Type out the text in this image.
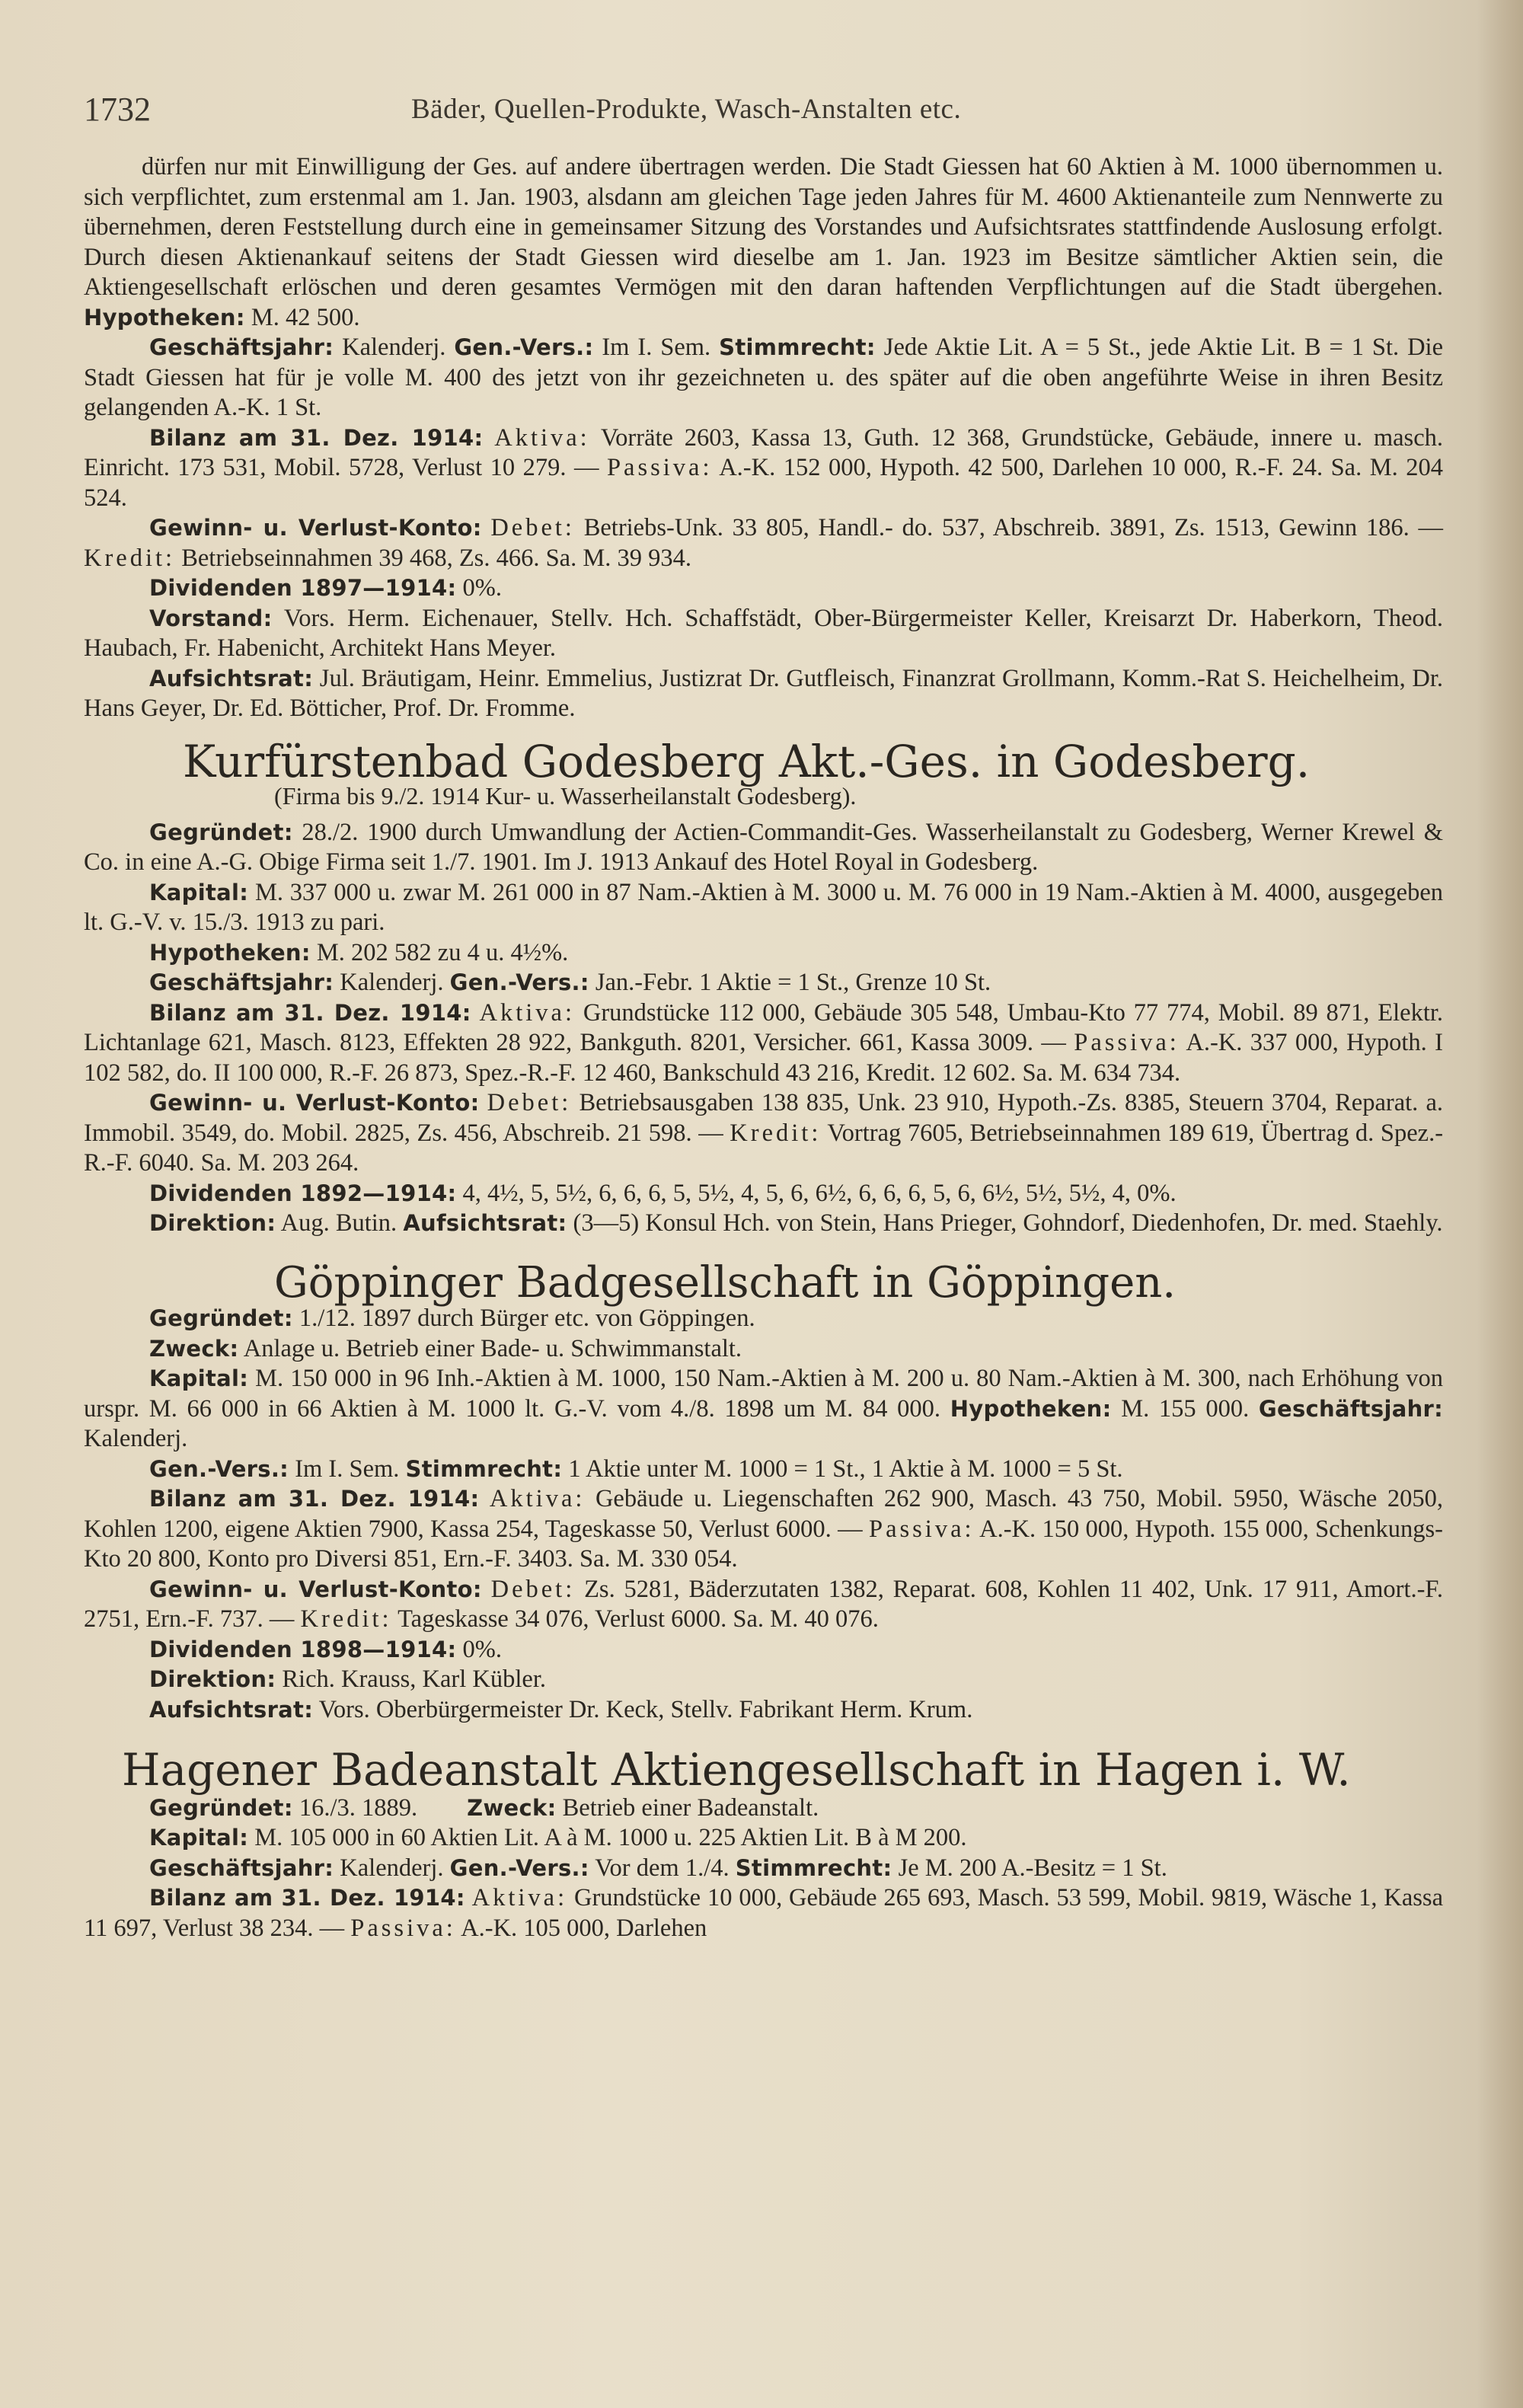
1732	Bäder, Quellen-Produkte, Wasch-Anstalten etc.

dürfen nur mit Einwilligung der Ges. auf andere übertragen werden. Die Stadt Giessen hat 60 Aktien à M. 1000 übernommen u. sich verpflichtet, zum erstenmal am 1. Jan. 1903, alsdann am gleichen Tage jeden Jahres für M. 4600 Aktienanteile zum Nennwerte zu übernehmen, deren Feststellung durch eine in gemeinsamer Sitzung des Vorstandes und Aufsichtsrates stattfindende Auslosung erfolgt. Durch diesen Aktienankauf seitens der Stadt Giessen wird dieselbe am 1. Jan. 1923 im Besitze sämtlicher Aktien sein, die Aktiengesellschaft erlöschen und deren gesamtes Vermögen mit den daran haftenden Verpflichtungen auf die Stadt übergehen. Hypotheken: M. 42 500.

Geschäftsjahr: Kalenderj. Gen.-Vers.: Im I. Sem. Stimmrecht: Jede Aktie Lit. A = 5 St., jede Aktie Lit. B = 1 St. Die Stadt Giessen hat für je volle M. 400 des jetzt von ihr gezeichneten u. des später auf die oben angeführte Weise in ihren Besitz gelangenden A.-K. 1 St.

Bilanz am 31. Dez. 1914: Aktiva: Vorräte 2603, Kassa 13, Guth. 12 368, Grundstücke, Gebäude, innere u. masch. Einricht. 173 531, Mobil. 5728, Verlust 10 279. — Passiva: A.-K. 152 000, Hypoth. 42 500, Darlehen 10 000, R.-F. 24. Sa. M. 204 524.

Gewinn- u. Verlust-Konto: Debet: Betriebs-Unk. 33 805, Handl.- do. 537, Abschreib. 3891, Zs. 1513, Gewinn 186. — Kredit: Betriebseinnahmen 39 468, Zs. 466. Sa. M. 39 934.

Dividenden 1897—1914: 0%.

Vorstand: Vors. Herm. Eichenauer, Stellv. Hch. Schaffstädt, Ober-Bürgermeister Keller, Kreisarzt Dr. Haberkorn, Theod. Haubach, Fr. Habenicht, Architekt Hans Meyer.

Aufsichtsrat: Jul. Bräutigam, Heinr. Emmelius, Justizrat Dr. Gutfleisch, Finanzrat Grollmann, Komm.-Rat S. Heichelheim, Dr. Hans Geyer, Dr. Ed. Bötticher, Prof. Dr. Fromme.

Kurfürstenbad Godesberg Akt.-Ges. in Godesberg.

(Firma bis 9./2. 1914 Kur- u. Wasserheilanstalt Godesberg).

Gegründet: 28./2. 1900 durch Umwandlung der Actien-Commandit-Ges. Wasserheilanstalt zu Godesberg, Werner Krewel & Co. in eine A.-G. Obige Firma seit 1./7. 1901. Im J. 1913 Ankauf des Hotel Royal in Godesberg.

Kapital: M. 337 000 u. zwar M. 261 000 in 87 Nam.-Aktien à M. 3000 u. M. 76 000 in 19 Nam.-Aktien à M. 4000, ausgegeben lt. G.-V. v. 15./3. 1913 zu pari.

Hypotheken: M. 202 582 zu 4 u. 4½%.

Geschäftsjahr: Kalenderj. Gen.-Vers.: Jan.-Febr. 1 Aktie = 1 St., Grenze 10 St.

Bilanz am 31. Dez. 1914: Aktiva: Grundstücke 112 000, Gebäude 305 548, Umbau-Kto 77 774, Mobil. 89 871, Elektr. Lichtanlage 621, Masch. 8123, Effekten 28 922, Bankguth. 8201, Versicher. 661, Kassa 3009. — Passiva: A.-K. 337 000, Hypoth. I 102 582, do. II 100 000, R.-F. 26 873, Spez.-R.-F. 12 460, Bankschuld 43 216, Kredit. 12 602. Sa. M. 634 734.

Gewinn- u. Verlust-Konto: Debet: Betriebsausgaben 138 835, Unk. 23 910, Hypoth.-Zs. 8385, Steuern 3704, Reparat. a. Immobil. 3549, do. Mobil. 2825, Zs. 456, Abschreib. 21 598. — Kredit: Vortrag 7605, Betriebseinnahmen 189 619, Übertrag d. Spez.-R.-F. 6040. Sa. M. 203 264.

Dividenden 1892—1914: 4, 4½, 5, 5½, 6, 6, 6, 5, 5½, 4, 5, 6, 6½, 6, 6, 6, 5, 6, 6½, 5½, 5½, 4, 0%.

Direktion: Aug. Butin. Aufsichtsrat: (3—5) Konsul Hch. von Stein, Hans Prieger, Gohndorf, Diedenhofen, Dr. med. Staehly.

Göppinger Badgesellschaft in Göppingen.

Gegründet: 1./12. 1897 durch Bürger etc. von Göppingen.

Zweck: Anlage u. Betrieb einer Bade- u. Schwimmanstalt.

Kapital: M. 150 000 in 96 Inh.-Aktien à M. 1000, 150 Nam.-Aktien à M. 200 u. 80 Nam.-Aktien à M. 300, nach Erhöhung von urspr. M. 66 000 in 66 Aktien à M. 1000 lt. G.-V. vom 4./8. 1898 um M. 84 000. Hypotheken: M. 155 000. Geschäftsjahr: Kalenderj.

Gen.-Vers.: Im I. Sem. Stimmrecht: 1 Aktie unter M. 1000 = 1 St., 1 Aktie à M. 1000 = 5 St.

Bilanz am 31. Dez. 1914: Aktiva: Gebäude u. Liegenschaften 262 900, Masch. 43 750, Mobil. 5950, Wäsche 2050, Kohlen 1200, eigene Aktien 7900, Kassa 254, Tageskasse 50, Verlust 6000. — Passiva: A.-K. 150 000, Hypoth. 155 000, Schenkungs-Kto 20 800, Konto pro Diversi 851, Ern.-F. 3403. Sa. M. 330 054.

Gewinn- u. Verlust-Konto: Debet: Zs. 5281, Bäderzutaten 1382, Reparat. 608, Kohlen 11 402, Unk. 17 911, Amort.-F. 2751, Ern.-F. 737. — Kredit: Tageskasse 34 076, Verlust 6000. Sa. M. 40 076.

Dividenden 1898—1914: 0%.

Direktion: Rich. Krauss, Karl Kübler.

Aufsichtsrat: Vors. Oberbürgermeister Dr. Keck, Stellv. Fabrikant Herm. Krum.

Hagener Badeanstalt Aktiengesellschaft in Hagen i. W.

Gegründet: 16./3. 1889. Zweck: Betrieb einer Badeanstalt.

Kapital: M. 105 000 in 60 Aktien Lit. A à M. 1000 u. 225 Aktien Lit. B à M 200.

Geschäftsjahr: Kalenderj. Gen.-Vers.: Vor dem 1./4. Stimmrecht: Je M. 200 A.-Besitz = 1 St.

Bilanz am 31. Dez. 1914: Aktiva: Grundstücke 10 000, Gebäude 265 693, Masch. 53 599, Mobil. 9819, Wäsche 1, Kassa 11 697, Verlust 38 234. — Passiva: A.-K. 105 000, Darlehen
